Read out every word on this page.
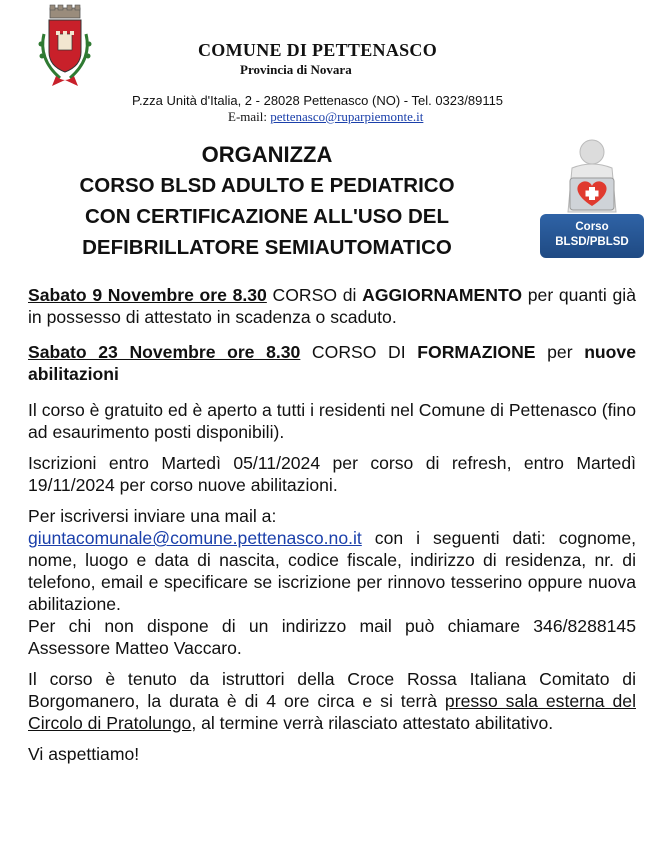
COMUNE DI PETTENASCO
Provincia di Novara
P.zza Unità d'Italia, 2 - 28028 Pettenasco (NO) - Tel. 0323/89115
E-mail: pettenasco@ruparpiemonte.it
ORGANIZZA
CORSO BLSD ADULTO E PEDIATRICO
CON CERTIFICAZIONE ALL'USO DEL
DEFIBRILLATORE SEMIAUTOMATICO
Corso
BLSD/PBLSD

Sabato 9 Novembre ore 8.30 CORSO di AGGIORNAMENTO per quanti già in possesso di attestato in scadenza o scaduto.

Sabato 23 Novembre ore 8.30 CORSO DI FORMAZIONE per nuove abilitazioni

Il corso è gratuito ed è aperto a tutti i residenti nel Comune di Pettenasco (fino ad esaurimento posti disponibili).

Iscrizioni entro Martedì 05/11/2024 per corso di refresh, entro Martedì 19/11/2024 per corso nuove abilitazioni.

Per iscriversi inviare una mail a:
giuntacomunale@comune.pettenasco.no.it con i seguenti dati: cognome, nome, luogo e data di nascita, codice fiscale, indirizzo di residenza, nr. di telefono, email e specificare se iscrizione per rinnovo tesserino oppure nuova abilitazione.

Per chi non dispone di un indirizzo mail può chiamare 346/8288145 Assessore Matteo Vaccaro.

Il corso è tenuto da istruttori della Croce Rossa Italiana Comitato di Borgomanero, la durata è di 4 ore circa e si terrà presso sala esterna del Circolo di Pratolungo, al termine verrà rilasciato attestato abilitativo.

Vi aspettiamo!
